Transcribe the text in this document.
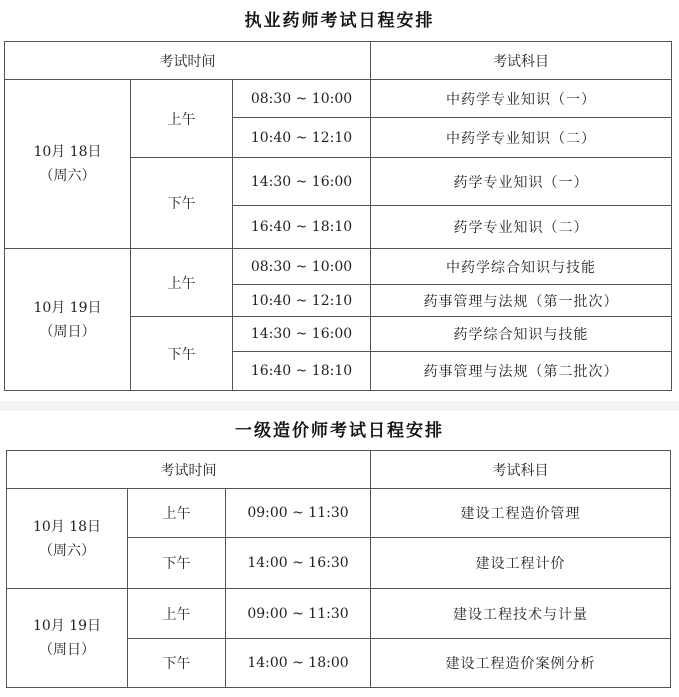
执业药师考试日程安排
考试时间			考试科目

10月 18日
（周六）	上午	08:30 ~ 10:00	中药学专业知识（一）
		10:40 ~ 12:10	中药学专业知识（二）
	下午	14:30 ~ 16:00	药学专业知识（一）
		16:40 ~ 18:10	药学专业知识（二）

10月 19日
（周日）	上午	08:30 ~ 10:00	中药学综合知识与技能
		10:40 ~ 12:10	药事管理与法规（第一批次）
	下午	14:30 ~ 16:00	药学综合知识与技能
		16:40 ~ 18:10	药事管理与法规（第二批次）
一级造价师考试日程安排
考试时间			考试科目

10月 18日
（周六）	上午	09:00 ~ 11:30	建设工程造价管理
	下午	14:00 ~ 16:30	建设工程计价

10月 19日
（周日）	上午	09:00 ~ 11:30	建设工程技术与计量
	下午	14:00 ~ 18:00	建设工程造价案例分析
